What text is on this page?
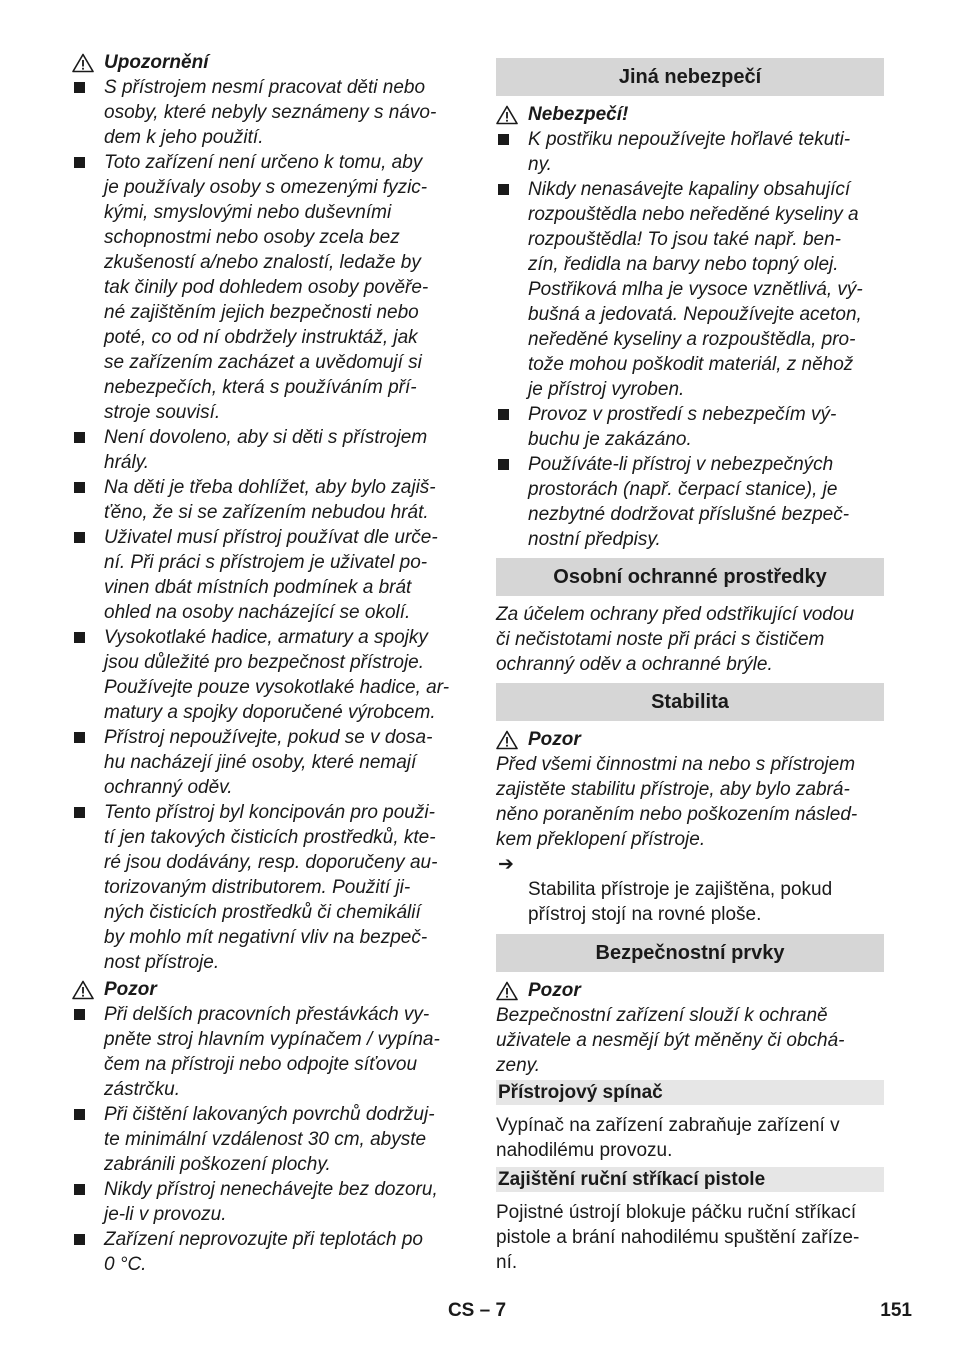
Upozornění
S přístrojem nesmí pracovat děti nebo
osoby, které nebyly seznámeny s návo-
dem k jeho použití.
Toto zařízení není určeno k tomu, aby
je používaly osoby s omezenými fyzic-
kými, smyslovými nebo duševními
schopnostmi nebo osoby zcela bez
zkušeností a/nebo znalostí, ledaže by
tak činily pod dohledem osoby pověře-
né zajištěním jejich bezpečnosti nebo
poté, co od ní obdržely instruktáž, jak
se zařízením zacházet a uvědomují si
nebezpečích, která s používáním pří-
stroje souvisí.
Není dovoleno, aby si děti s přístrojem
hrály.
Na děti je třeba dohlížet, aby bylo zajiš-
ťěno, že si se zařízením nebudou hrát.
Uživatel musí přístroj používat dle urče-
ní. Při práci s přístrojem je uživatel po-
vinen dbát místních podmínek a brát
ohled na osoby nacházející se okolí.
Vysokotlaké hadice, armatury a spojky
jsou důležité pro bezpečnost přístroje.
Používejte pouze vysokotlaké hadice, ar-
matury a spojky doporučené výrobcem.
Přístroj nepoužívejte, pokud se v dosa-
hu nacházejí jiné osoby, které nemají
ochranný oděv.
Tento přístroj byl koncipován pro použi-
tí jen takových čisticích prostředků, kte-
ré jsou dodávány, resp. doporučeny au-
torizovaným distributorem. Použití ji-
ných čisticích prostředků či chemikálií
by mohlo mít negativní vliv na bezpeč-
nost přístroje.
Pozor
Při delších pracovních přestávkách vy-
pněte stroj hlavním vypínačem / vypína-
čem na přístroji nebo odpojte síťovou
zástrčku.
Při čištění lakovaných povrchů dodržuj-
te minimální vzdálenost 30 cm, abyste
zabránili poškození plochy.
Nikdy přístroj nenechávejte bez dozoru,
je-li v provozu.
Zařízení neprovozujte při teplotách po
0 °C.
Jiná nebezpečí
Nebezpečí!
K postřiku nepoužívejte hořlavé tekuti-
ny.
Nikdy nenasávejte kapaliny obsahující
rozpouštědla nebo neředěné kyseliny a
rozpouštědla! To jsou také např. ben-
zín, ředidla na barvy nebo topný olej.
Postřiková mlha je vysoce vznětlivá, vý-
bušná a jedovatá. Nepoužívejte aceton,
neředěné kyseliny a rozpouštědla, pro-
tože mohou poškodit materiál, z něhož
je přístroj vyroben.
Provoz v prostředí s nebezpečím vý-
buchu je zakázáno.
Používáte-li přístroj v nebezpečných
prostorách (např. čerpací stanice), je
nezbytné dodržovat příslušné bezpeč-
nostní předpisy.
Osobní ochranné prostředky

Za účelem ochrany před odstřikující vodou
či nečistotami noste při práci s čističem
ochranný oděv a ochranné brýle.

Stabilita
Pozor

Před všemi činnostmi na nebo s přístrojem
zajistěte stabilitu přístroje, aby bylo zabrá-
něno poraněním nebo poškozením násled-
kem překlopení přístroje.

➔
Stabilita přístroje je zajištěna, pokud
přístroj stojí na rovné ploše.

Bezpečnostní prvky
Pozor

Bezpečnostní zařízení slouží k ochraně
uživatele a nesmějí být měněny či obchá-
zeny.

Přístrojový spínač

Vypínač na zařízení zabraňuje zařízení v
nahodilému provozu.

Zajištění ruční stříkací pistole

Pojistné ústrojí blokuje páčku ruční stříkací
pistole a brání nahodilému spuštění zaříze-
ní.

CS – 7	151
